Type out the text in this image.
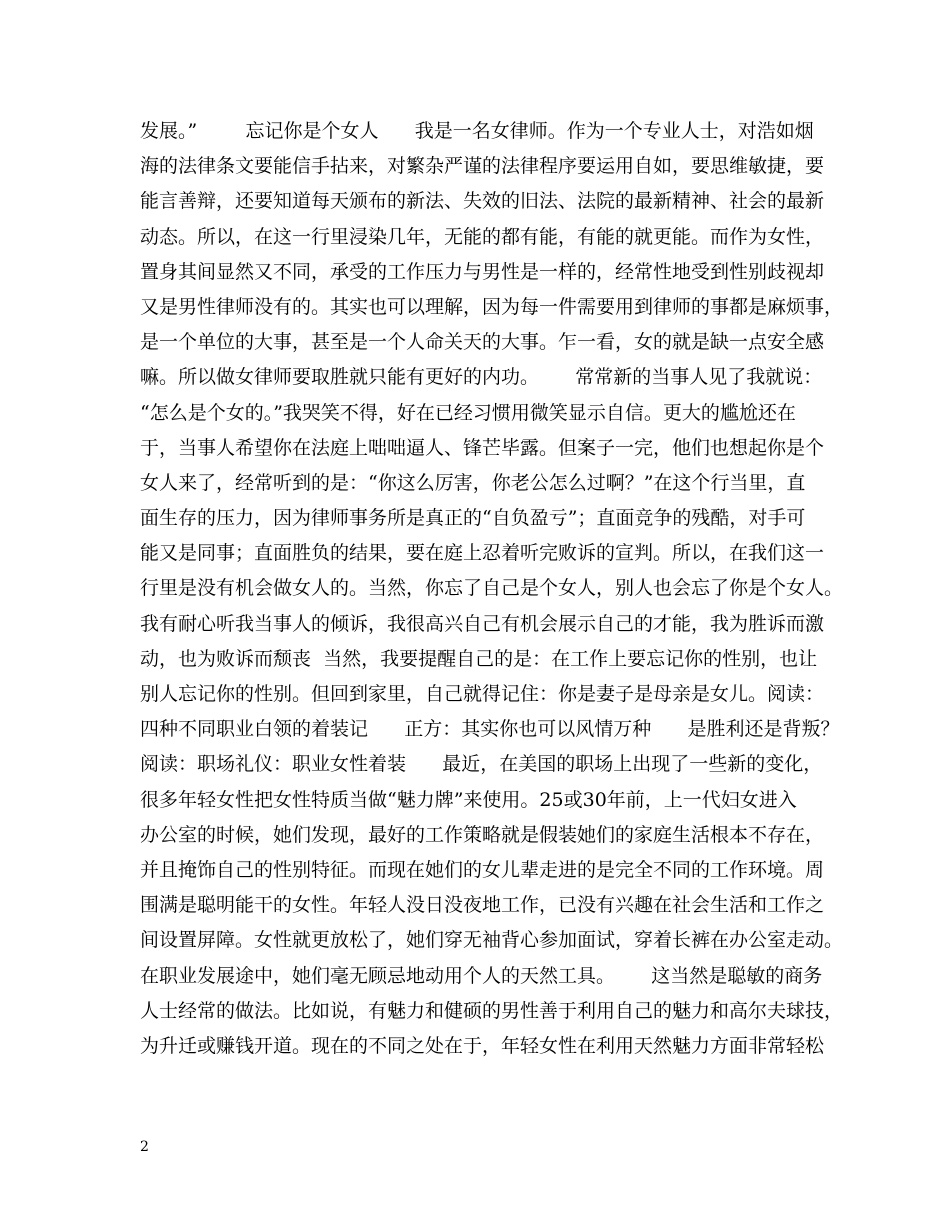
发展。”        忘记你是个女人      我是一名女律师。作为一个专业人士，对浩如烟
海的法律条文要能信手拈来，对繁杂严谨的法律程序要运用自如，要思维敏捷，要
能言善辩，还要知道每天颁布的新法、失效的旧法、法院的最新精神、社会的最新
动态。所以，在这一行里浸染几年，无能的都有能，有能的就更能。而作为女性，
置身其间显然又不同，承受的工作压力与男性是一样的，经常性地受到性别歧视却
又是男性律师没有的。其实也可以理解，因为每一件需要用到律师的事都是麻烦事，
是一个单位的大事，甚至是一个人命关天的大事。乍一看，女的就是缺一点安全感
嘛。所以做女律师要取胜就只能有更好的内功。      常常新的当事人见了我就说：
“怎么是个女的。”我哭笑不得，好在已经习惯用微笑显示自信。更大的尴尬还在
于，当事人希望你在法庭上咄咄逼人、锋芒毕露。但案子一完，他们也想起你是个
女人来了，经常听到的是：“你这么厉害，你老公怎么过啊？”在这个行当里，直
面生存的压力，因为律师事务所是真正的“自负盈亏”；直面竞争的残酷，对手可
能又是同事；直面胜负的结果，要在庭上忍着听完败诉的宣判。所以，在我们这一
行里是没有机会做女人的。当然，你忘了自己是个女人，别人也会忘了你是个女人。
我有耐心听我当事人的倾诉，我很高兴自己有机会展示自己的才能，我为胜诉而激
动，也为败诉而颓丧  当然，我要提醒自己的是：在工作上要忘记你的性别，也让
别人忘记你的性别。但回到家里，自己就得记住：你是妻子是母亲是女儿。阅读：
四种不同职业白领的着装记      正方：其实你也可以风情万种      是胜利还是背叛？
阅读：职场礼仪：职业女性着装      最近，在美国的职场上出现了一些新的变化，
很多年轻女性把女性特质当做“魅力牌”来使用。25或30年前，上一代妇女进入
办公室的时候，她们发现，最好的工作策略就是假装她们的家庭生活根本不存在，
并且掩饰自己的性别特征。而现在她们的女儿辈走进的是完全不同的工作环境。周
围满是聪明能干的女性。年轻人没日没夜地工作，已没有兴趣在社会生活和工作之
间设置屏障。女性就更放松了，她们穿无袖背心参加面试，穿着长裤在办公室走动。
在职业发展途中，她们毫无顾忌地动用个人的天然工具。      这当然是聪敏的商务
人士经常的做法。比如说，有魅力和健硕的男性善于利用自己的魅力和高尔夫球技，
为升迁或赚钱开道。现在的不同之处在于，年轻女性在利用天然魅力方面非常轻松
2
